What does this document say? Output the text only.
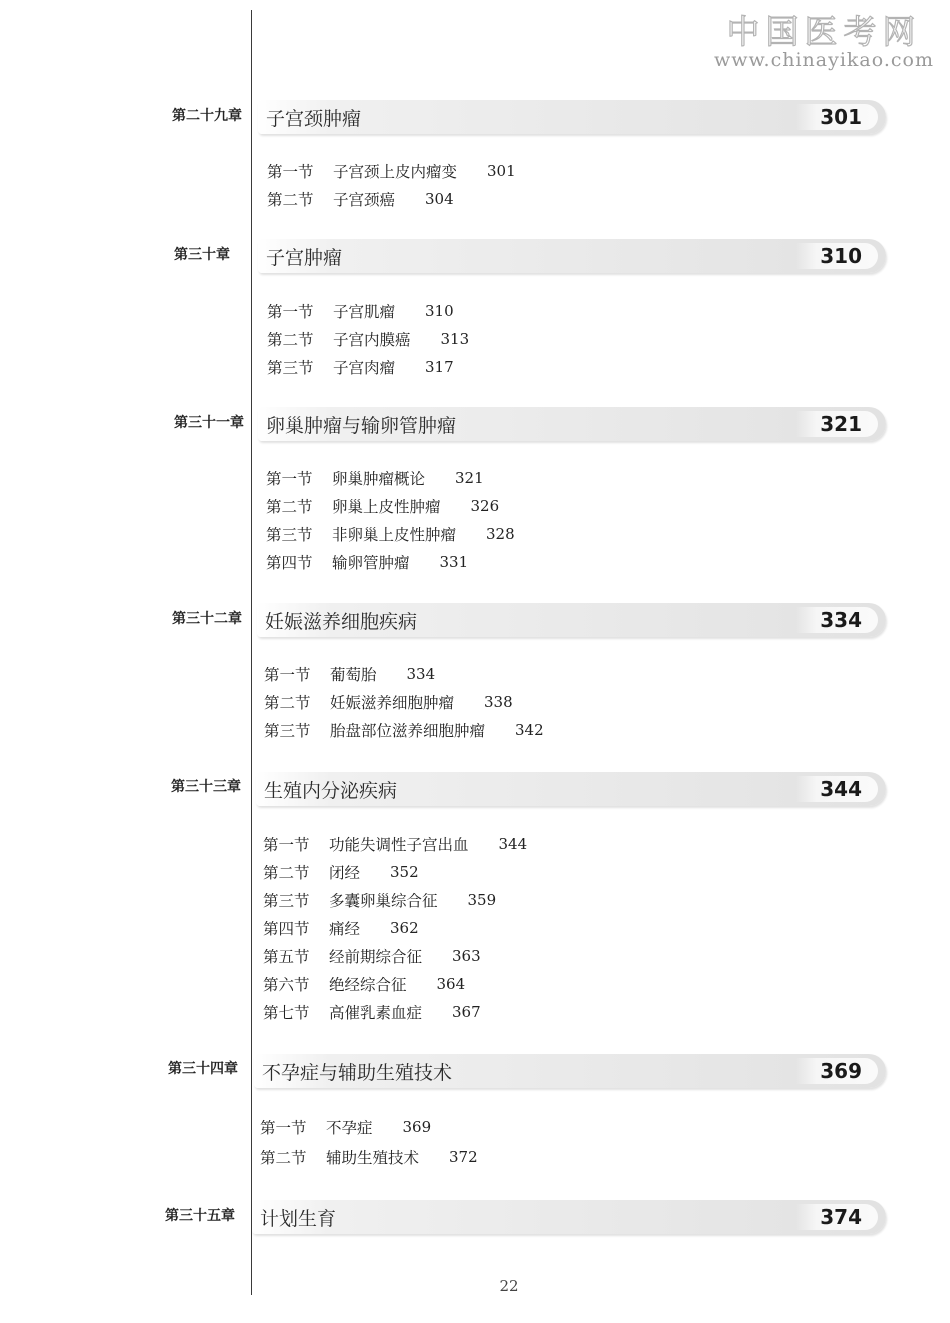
中国医考网
www.chinayikao.com
第二十九章	子宫颈肿瘤	301
第一节	子宫颈上皮内瘤变 301
第二节	子宫颈癌 304
第三十章	子宫肿瘤	310
第一节	子宫肌瘤 310
第二节	子宫内膜癌 313
第三节	子宫肉瘤 317
第三十一章	卵巢肿瘤与输卵管肿瘤	321
第一节	卵巢肿瘤概论 321
第二节	卵巢上皮性肿瘤 326
第三节	非卵巢上皮性肿瘤 328
第四节	输卵管肿瘤 331
第三十二章	妊娠滋养细胞疾病	334
第一节	葡萄胎 334
第二节	妊娠滋养细胞肿瘤 338
第三节	胎盘部位滋养细胞肿瘤 342
第三十三章	生殖内分泌疾病	344
第一节	功能失调性子宫出血 344
第二节	闭经 352
第三节	多囊卵巢综合征 359
第四节	痛经 362
第五节	经前期综合征 363
第六节	绝经综合征 364
第七节	高催乳素血症 367
第三十四章	不孕症与辅助生殖技术	369
第一节	不孕症 369
第二节	辅助生殖技术 372
第三十五章	计划生育	374
22
